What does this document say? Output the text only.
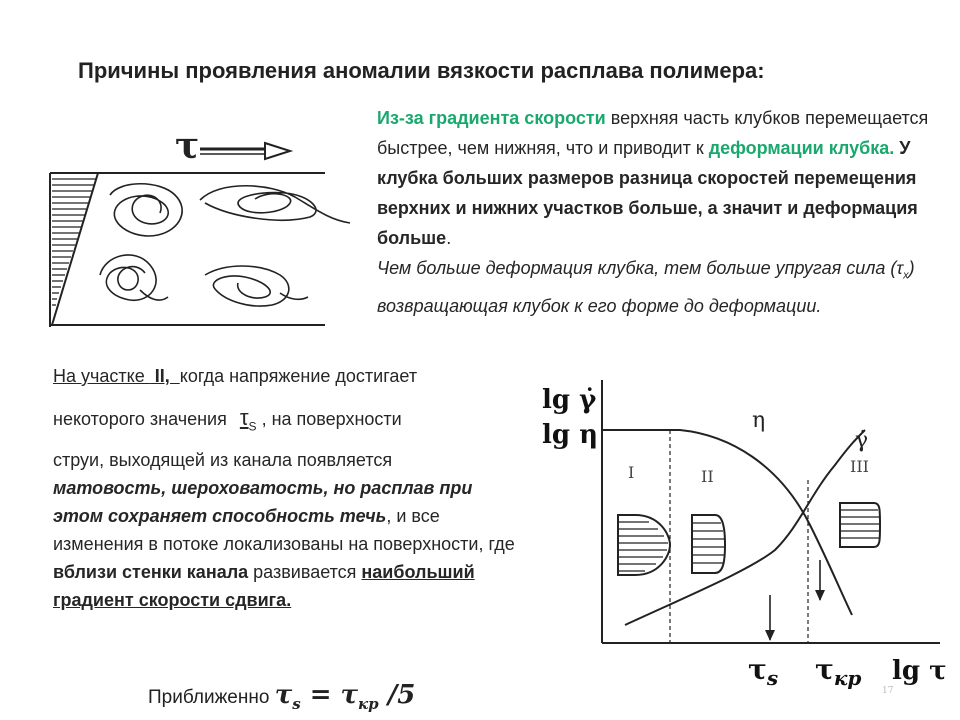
Причины проявления аномалии вязкости расплава полимера:
τ
Из-за градиента скорости верхняя часть клубков перемещается быстрее, чем нижняя, что и приводит к деформации клубка. У клубка больших размеров разница скоростей перемещения верхних и нижних участков больше, а значит и деформация больше.
Чем больше деформация клубка, тем больше упругая сила $(\tau_x)$ возвращающая клубок к его форме до деформации.
На участке  II,  когда напряжение достигает
некоторого значения $\tau_S$ , на поверхности
струи, выходящей из канала появляется
матовость, шероховатость, но расплав при этом сохраняет способность течь, и все изменения в потоке локализованы на поверхности, где вблизи стенки канала развивается наибольший градиент скорости сдвига.
lg γ̇
lg η	η
γ̇
I	II
III
$\tau_s$ $\tau_{кр}$ lg τ
17
Приближенно $\tau_s = \tau_{кр}$ /5
